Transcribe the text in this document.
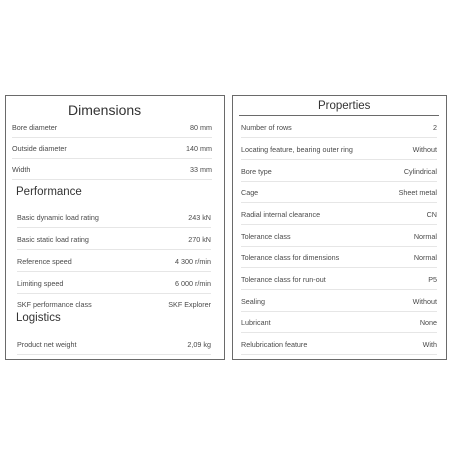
Dimensions
Bore diameter	80 mm
Outside diameter	140 mm
Width	33 mm
Performance
Basic dynamic load rating	243 kN
Basic static load rating	270 kN
Reference speed	4 300 r/min
Limiting speed	6 000 r/min
SKF performance class	SKF Explorer
Logistics
Product net weight	2,09 kg
Properties
Number of rows	2
Locating feature, bearing outer ring	Without
Bore type	Cylindrical
Cage	Sheet metal
Radial internal clearance	CN
Tolerance class	Normal
Tolerance class for dimensions	Normal
Tolerance class for run-out	P5
Sealing	Without
Lubricant	None
Relubrication feature	With
